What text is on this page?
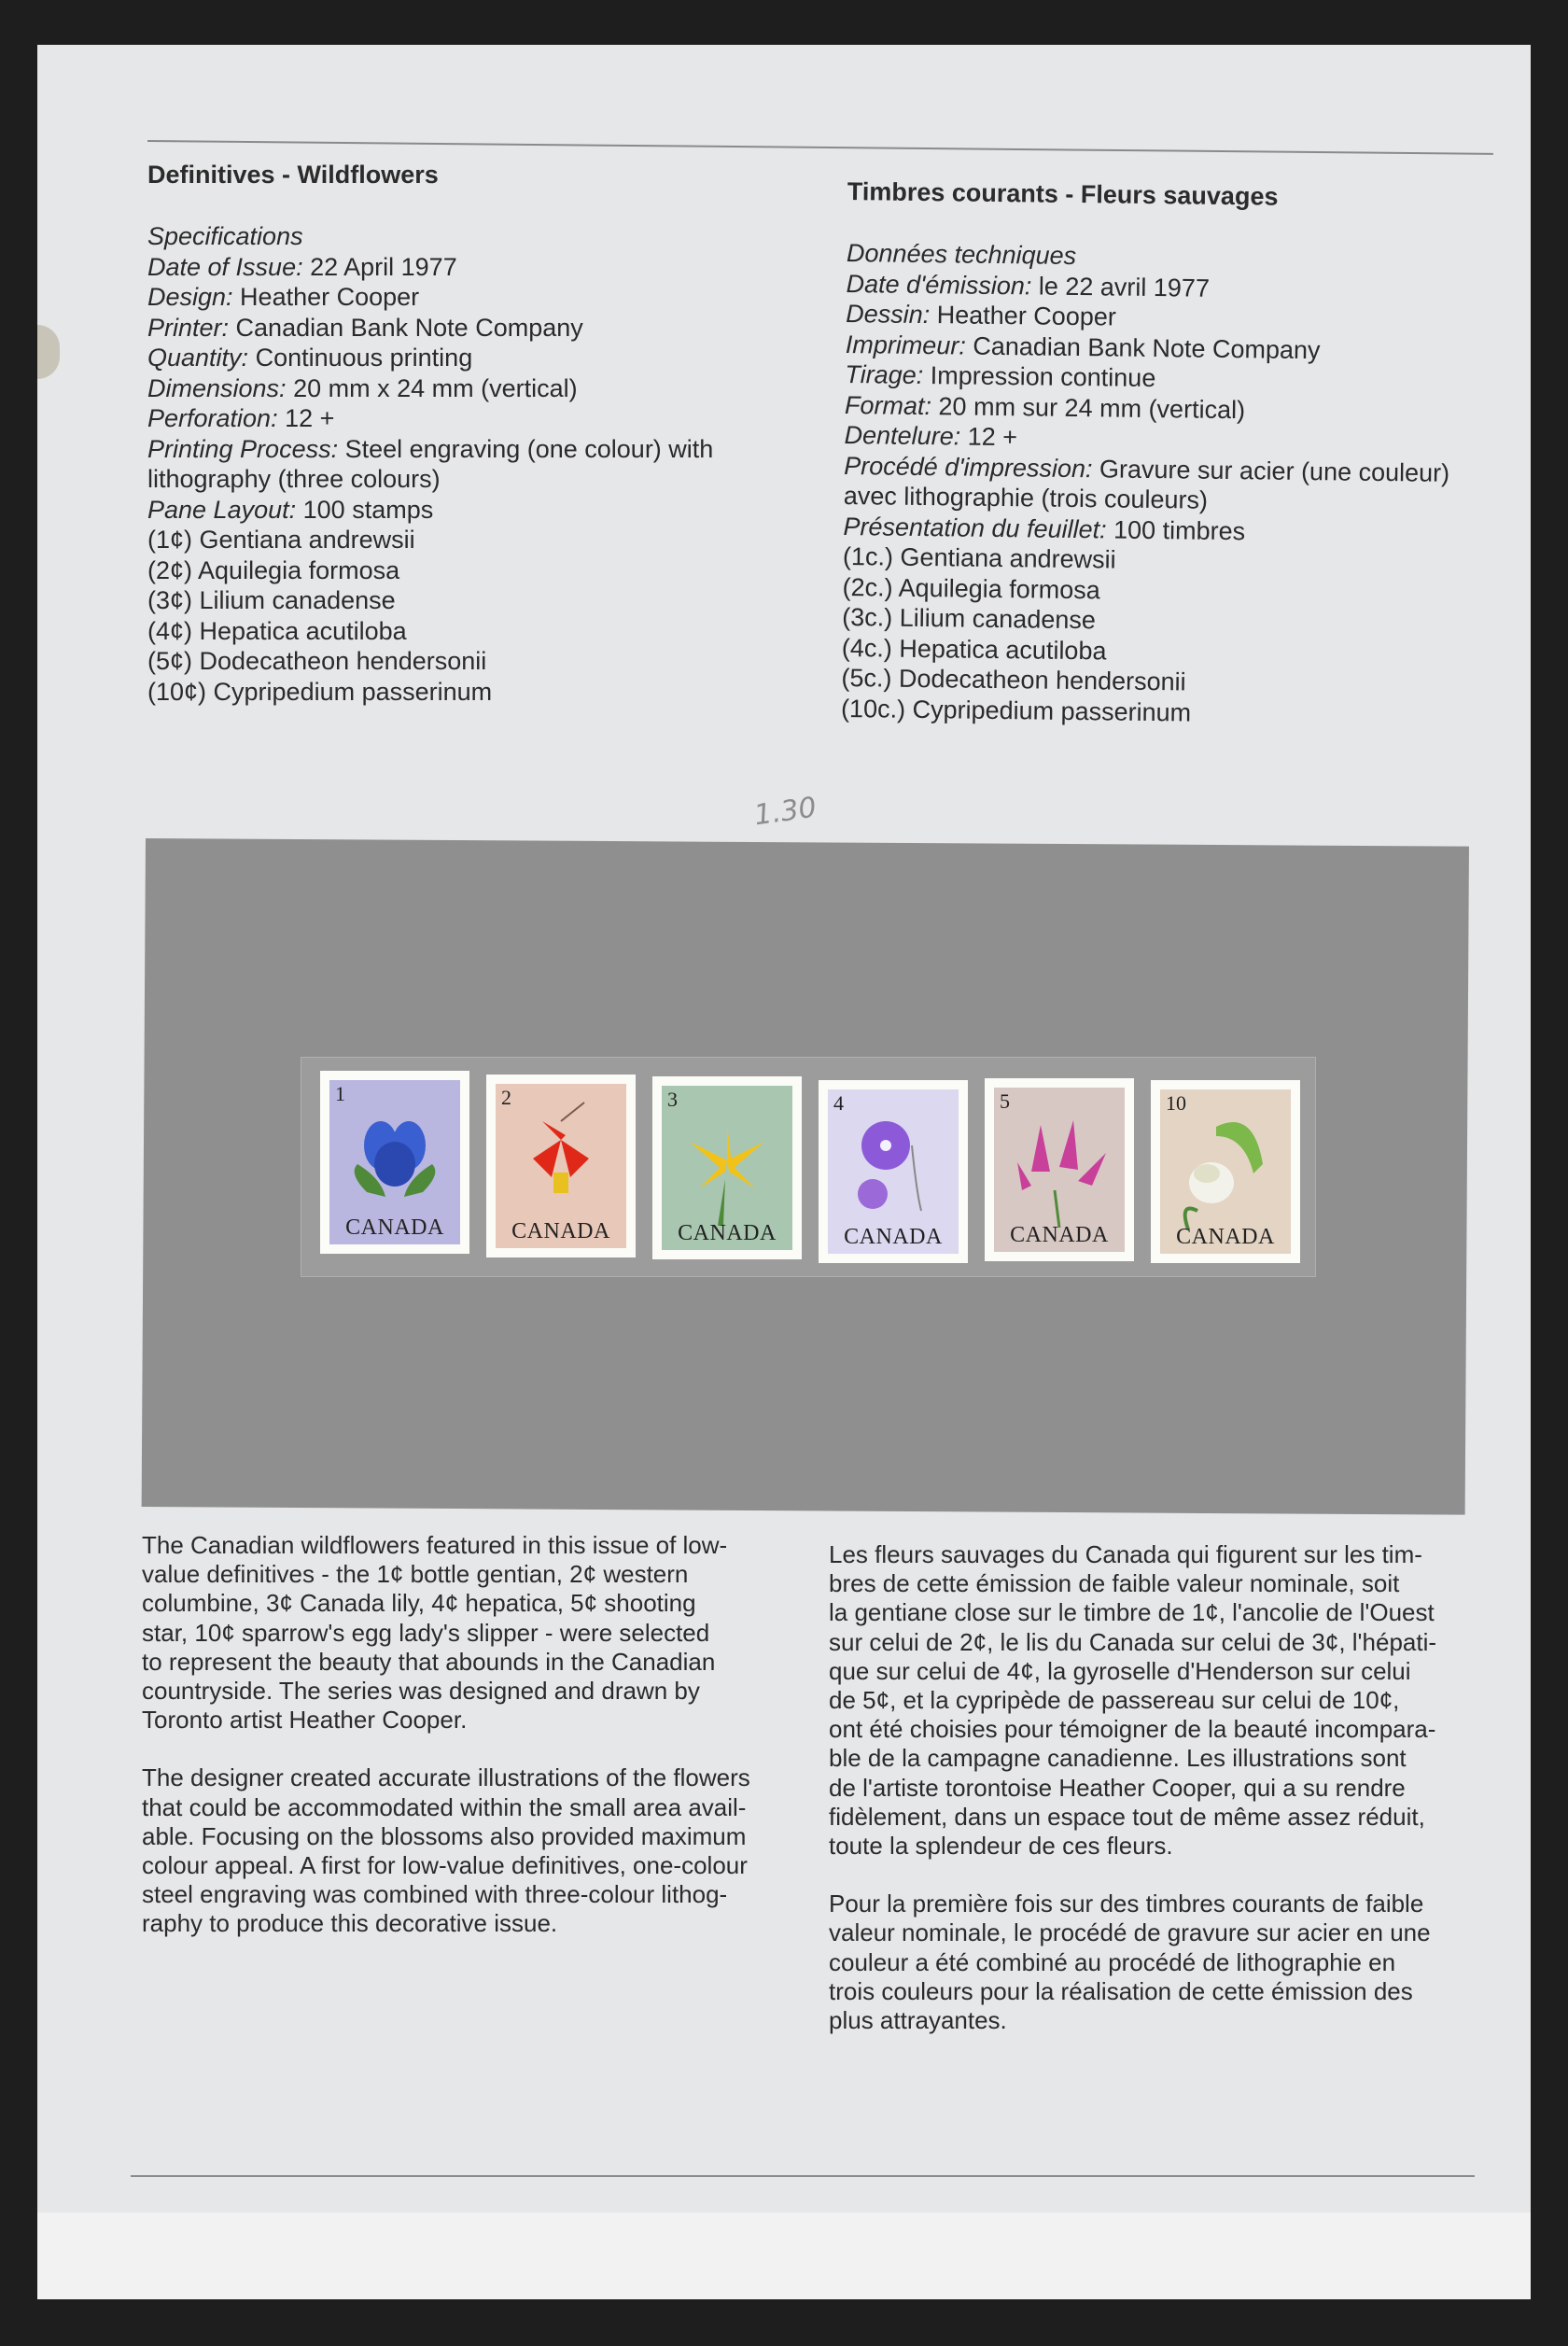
Definitives - Wildflowers
Specifications
Date of Issue: 22 April 1977
Design: Heather Cooper
Printer: Canadian Bank Note Company
Quantity: Continuous printing
Dimensions: 20 mm x 24 mm (vertical)
Perforation: 12 +
Printing Process: Steel engraving (one colour) with
lithography (three colours)
Pane Layout: 100 stamps
(1¢) Gentiana andrewsii
(2¢) Aquilegia formosa
(3¢) Lilium canadense
(4¢) Hepatica acutiloba
(5¢) Dodecatheon hendersonii
(10¢) Cypripedium passerinum
Timbres courants - Fleurs sauvages
Données techniques
Date d'émission: le 22 avril 1977
Dessin: Heather Cooper
Imprimeur: Canadian Bank Note Company
Tirage: Impression continue
Format: 20 mm sur 24 mm (vertical)
Dentelure: 12 +
Procédé d'impression: Gravure sur acier (une couleur)
avec lithographie (trois couleurs)
Présentation du feuillet: 100 timbres
(1c.) Gentiana andrewsii
(2c.) Aquilegia formosa
(3c.) Lilium canadense
(4c.) Hepatica acutiloba
(5c.) Dodecatheon hendersonii
(10c.) Cypripedium passerinum
1.30
1
CANADA
2
CANADA
3
CANADA
4
CANADA
5
CANADA
10
CANADA

The Canadian wildflowers featured in this issue of low-
value definitives - the 1¢ bottle gentian, 2¢ western
columbine, 3¢ Canada lily, 4¢ hepatica, 5¢ shooting
star, 10¢ sparrow's egg lady's slipper - were selected
to represent the beauty that abounds in the Canadian
countryside. The series was designed and drawn by
Toronto artist Heather Cooper.

The designer created accurate illustrations of the flowers
that could be accommodated within the small area avail-
able. Focusing on the blossoms also provided maximum
colour appeal. A first for low-value definitives, one-colour
steel engraving was combined with three-colour lithog-
raphy to produce this decorative issue.

Les fleurs sauvages du Canada qui figurent sur les tim-
bres de cette émission de faible valeur nominale, soit
la gentiane close sur le timbre de 1¢, l'ancolie de l'Ouest
sur celui de 2¢, le lis du Canada sur celui de 3¢, l'hépati-
que sur celui de 4¢, la gyroselle d'Henderson sur celui
de 5¢, et la cypripède de passereau sur celui de 10¢,
ont été choisies pour témoigner de la beauté incompara-
ble de la campagne canadienne. Les illustrations sont
de l'artiste torontoise Heather Cooper, qui a su rendre
fidèlement, dans un espace tout de même assez réduit,
toute la splendeur de ces fleurs.

Pour la première fois sur des timbres courants de faible
valeur nominale, le procédé de gravure sur acier en une
couleur a été combiné au procédé de lithographie en
trois couleurs pour la réalisation de cette émission des
plus attrayantes.
